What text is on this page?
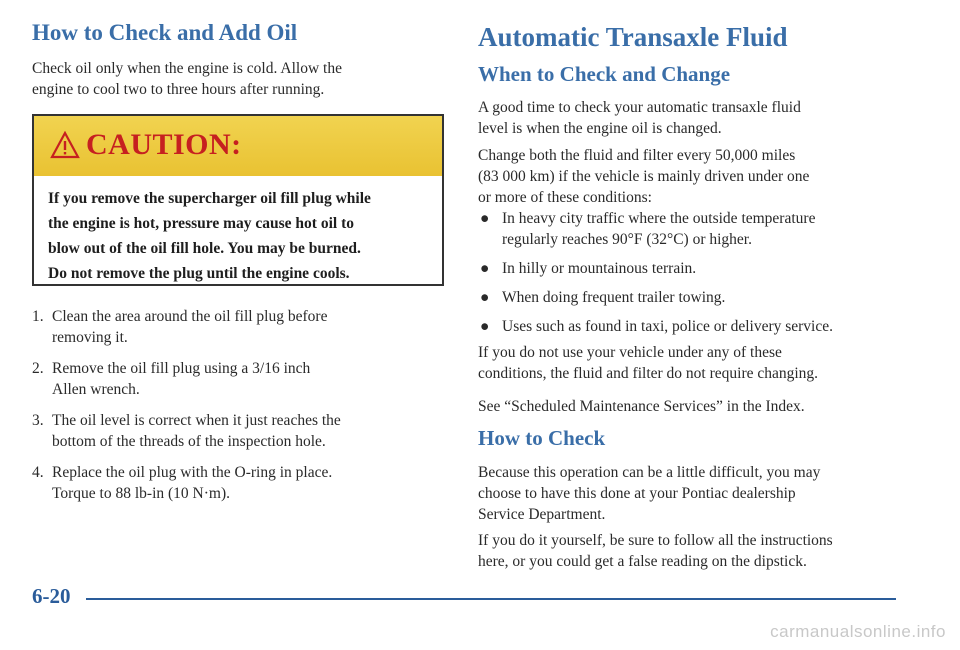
How to Check and Add Oil
Check oil only when the engine is cold. Allow the
engine to cool two to three hours after running.
CAUTION:
If you remove the supercharger oil fill plug while
the engine is hot, pressure may cause hot oil to
blow out of the oil fill hole. You may be burned.
Do not remove the plug until the engine cools.
1. Clean the area around the oil fill plug before
removing it.
2. Remove the oil fill plug using a 3/16 inch
Allen wrench.
3. The oil level is correct when it just reaches the
bottom of the threads of the inspection hole.
4. Replace the oil plug with the O-ring in place.
Torque to 88 lb-in (10 N·m).
Automatic Transaxle Fluid
When to Check and Change
A good time to check your automatic transaxle fluid
level is when the engine oil is changed.
Change both the fluid and filter every 50,000 miles
(83 000 km) if the vehicle is mainly driven under one
or more of these conditions:
● In heavy city traffic where the outside temperature
regularly reaches 90°F (32°C) or higher.
● In hilly or mountainous terrain.
● When doing frequent trailer towing.
● Uses such as found in taxi, police or delivery service.
If you do not use your vehicle under any of these
conditions, the fluid and filter do not require changing.
See “Scheduled Maintenance Services” in the Index.
How to Check
Because this operation can be a little difficult, you may
choose to have this done at your Pontiac dealership
Service Department.
If you do it yourself, be sure to follow all the instructions
here, or you could get a false reading on the dipstick.
6-20
carmanualsonline.info
